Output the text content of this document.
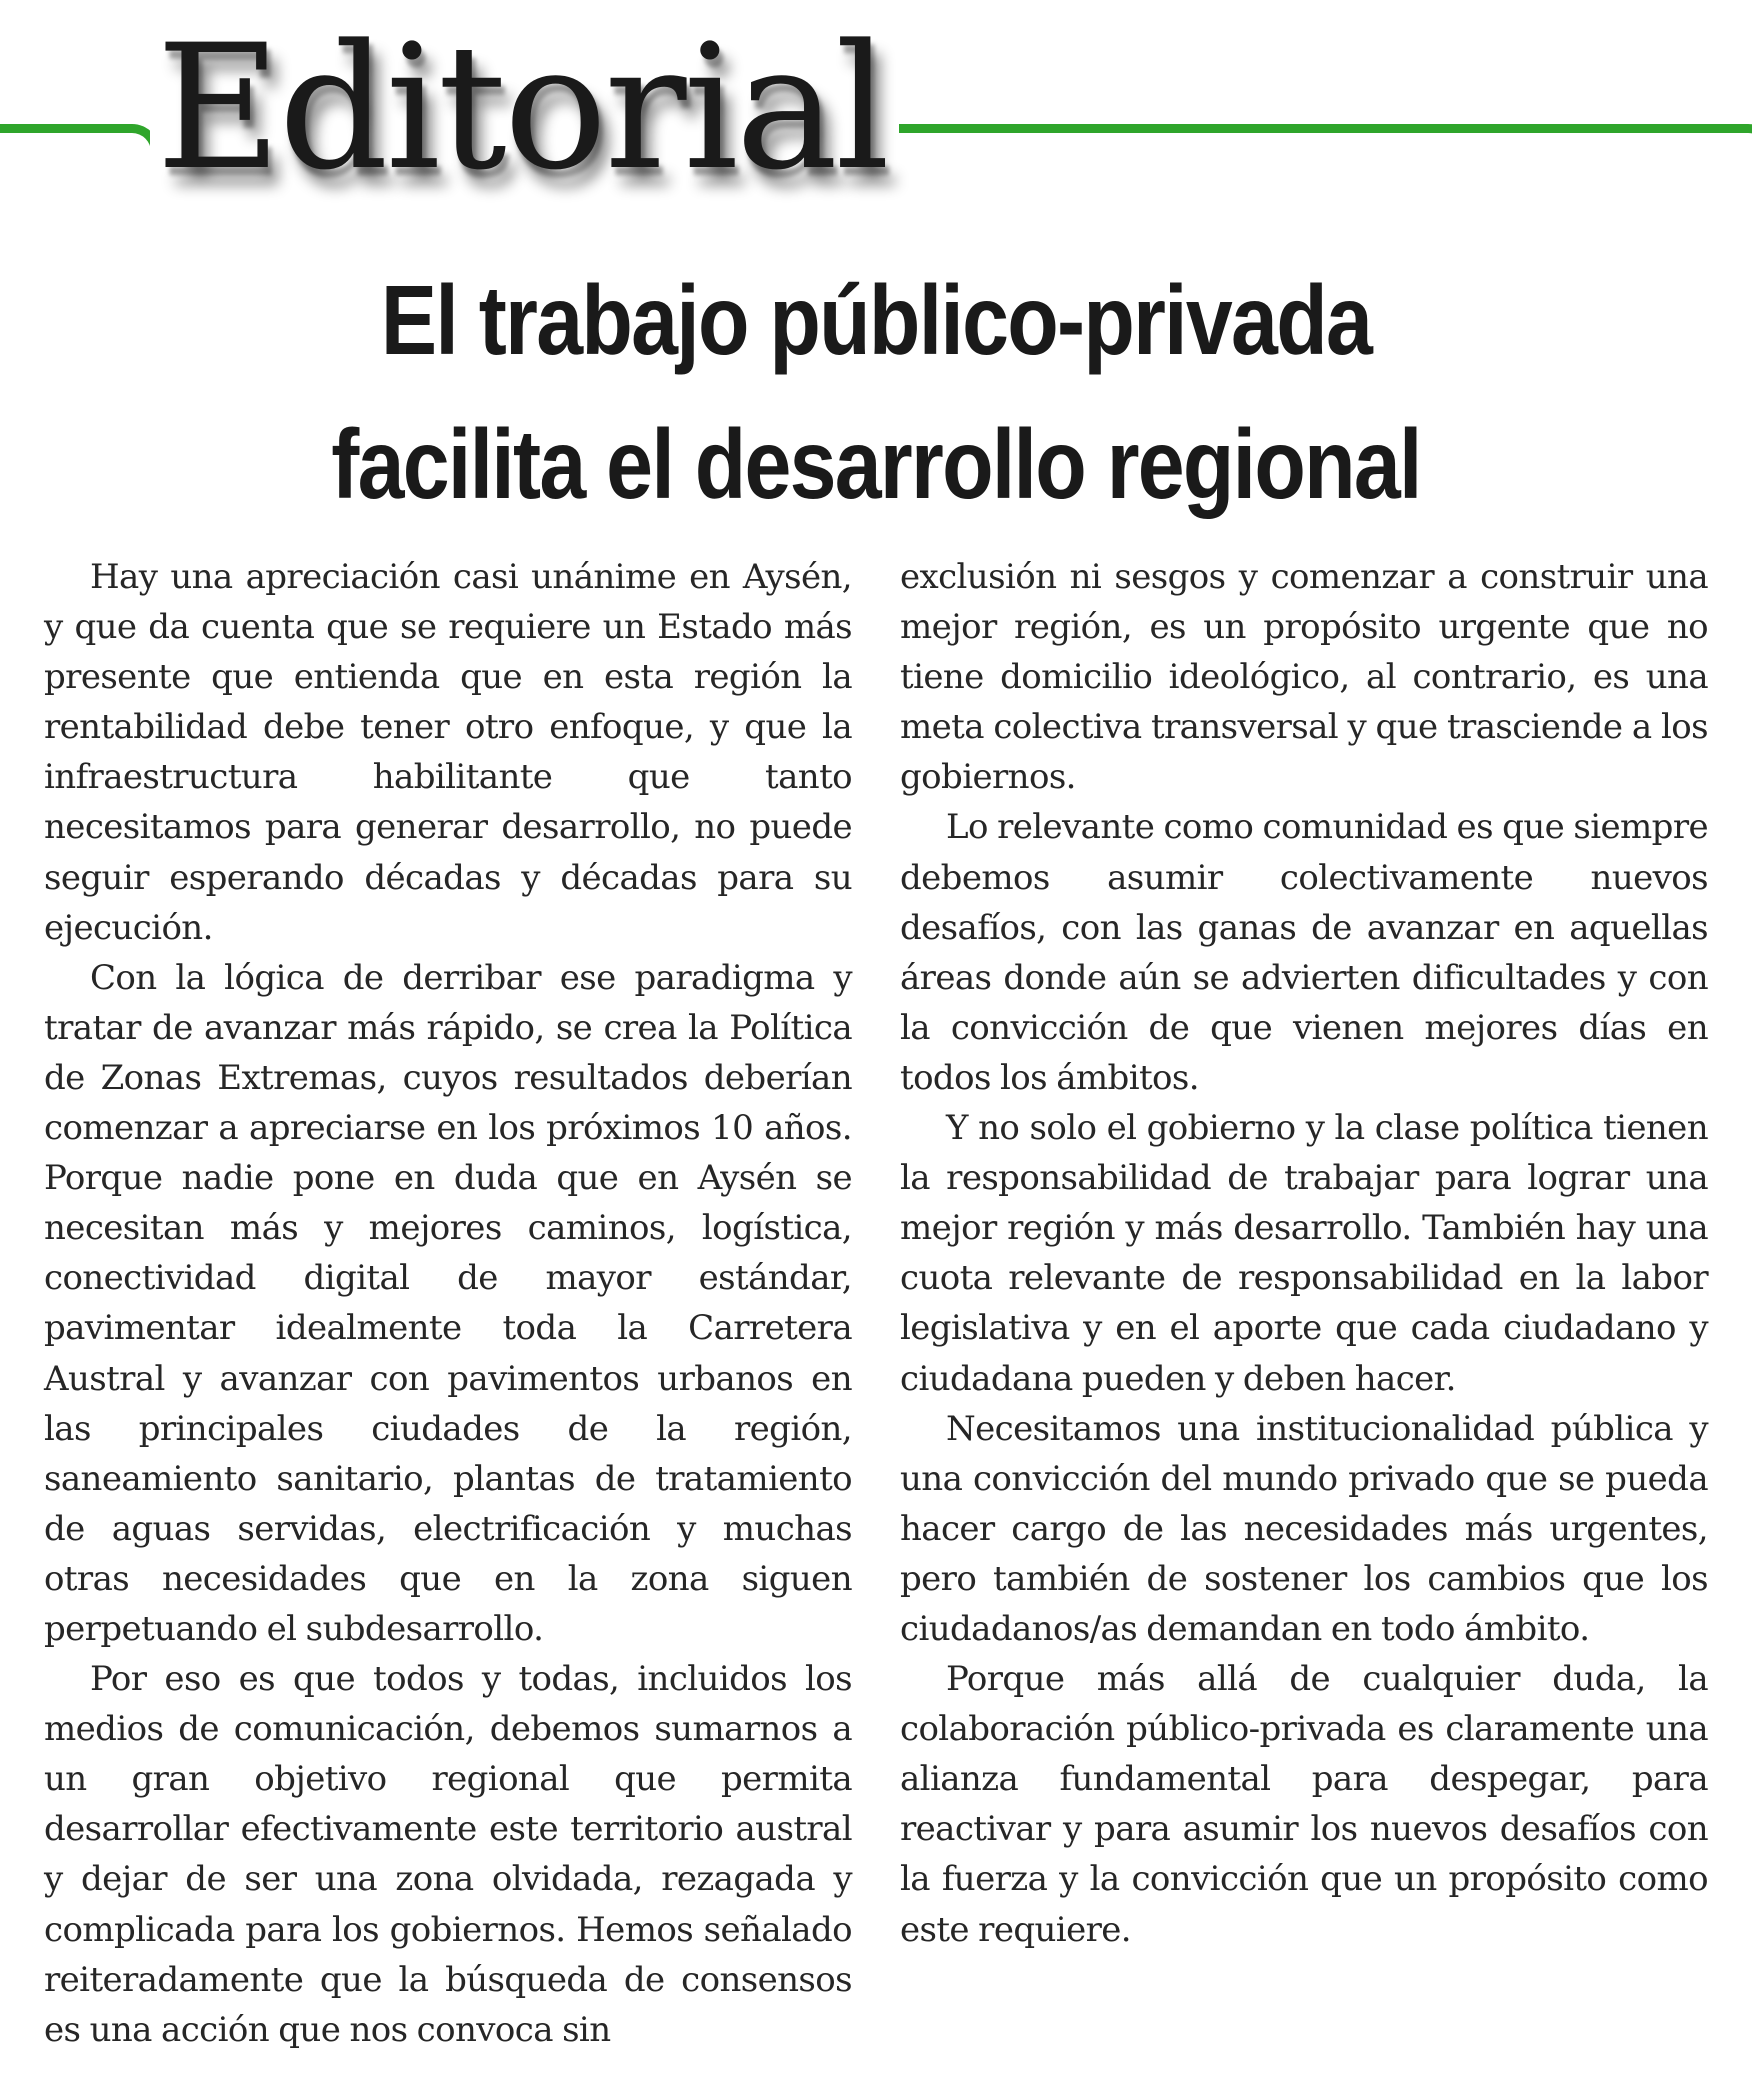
Editorial
El trabajo público-privada
facilita el desarrollo regional

Hay una apreciación casi unánime en Aysén, y que da cuenta que se requiere un Estado más presente que entienda que en esta región la rentabilidad debe tener otro enfoque, y que la infraestructura habilitante que tanto necesitamos para generar desarrollo, no puede seguir esperando décadas y décadas para su ejecución.

Con la lógica de derribar ese paradigma y tratar de avanzar más rápido, se crea la Política de Zonas Extremas, cuyos resultados deberían comenzar a apreciarse en los próximos 10 años. Porque nadie pone en duda que en Aysén se necesitan más y mejores caminos, logística, conectividad digital de mayor estándar, pavimentar idealmente toda la Carretera Austral y avanzar con pavimentos urbanos en las principales ciudades de la región, saneamiento sanitario, plantas de tratamiento de aguas servidas, electrificación y muchas otras necesidades que en la zona siguen perpetuando el subdesarrollo.

Por eso es que todos y todas, incluidos los medios de comunicación, debemos sumarnos a un gran objetivo regional que permita desarrollar efectivamente este territorio austral y dejar de ser una zona olvidada, rezagada y complicada para los gobiernos. Hemos señalado reiteradamente que la búsqueda de consensos es una acción que nos convoca sin

exclusión ni sesgos y comenzar a construir una mejor región, es un propósito urgente que no tiene domicilio ideológico, al contrario, es una meta colectiva transversal y que trasciende a los gobiernos.

Lo relevante como comunidad es que siempre debemos asumir colectivamente nuevos desafíos, con las ganas de avanzar en aquellas áreas donde aún se advierten dificultades y con la convicción de que vienen mejores días en todos los ámbitos.

Y no solo el gobierno y la clase política tienen la responsabilidad de trabajar para lograr una mejor región y más desarrollo. También hay una cuota relevante de responsabilidad en la labor legislativa y en el aporte que cada ciudadano y ciudadana pueden y deben hacer.

Necesitamos una institucionalidad pública y una convicción del mundo privado que se pueda hacer cargo de las necesidades más urgentes, pero también de sostener los cambios que los ciudadanos/as demandan en todo ámbito.

Porque más allá de cualquier duda, la colaboración público-privada es claramente una alianza fundamental para despegar, para reactivar y para asumir los nuevos desafíos con la fuerza y la convicción que un propósito como este requiere.
